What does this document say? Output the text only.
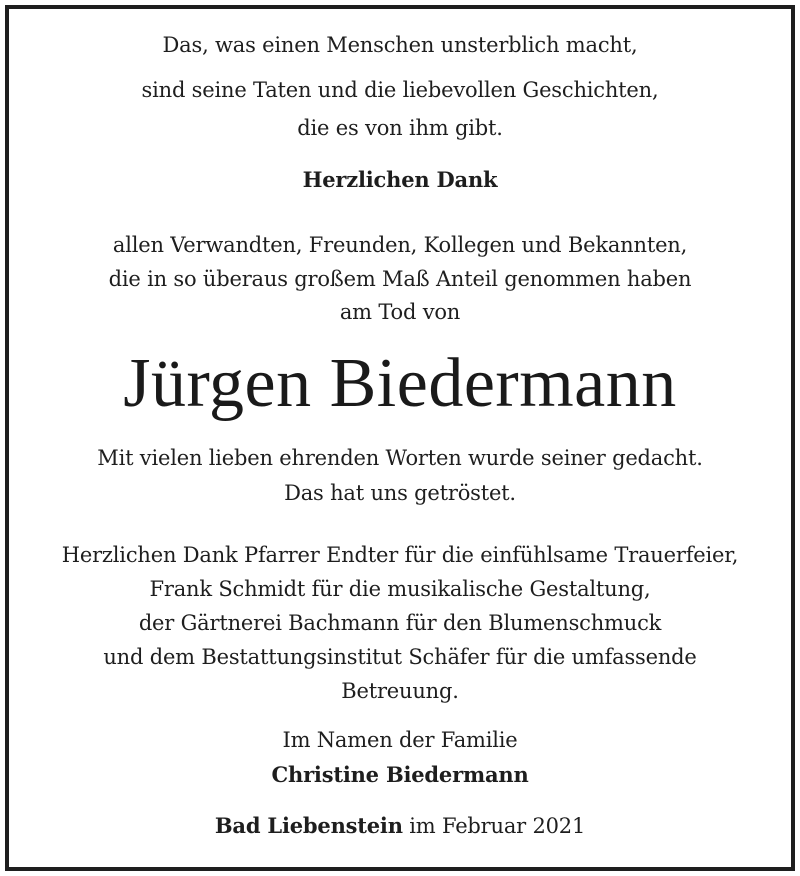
Das, was einen Menschen unsterblich macht,
sind seine Taten und die liebevollen Geschichten,
die es von ihm gibt.
Herzlichen Dank
allen Verwandten, Freunden, Kollegen und Bekannten,
die in so überaus großem Maß Anteil genommen haben
am Tod von
Jürgen Biedermann
Mit vielen lieben ehrenden Worten wurde seiner gedacht.
Das hat uns getröstet.
Herzlichen Dank Pfarrer Endter für die einfühlsame Trauerfeier,
Frank Schmidt für die musikalische Gestaltung,
der Gärtnerei Bachmann für den Blumenschmuck
und dem Bestattungsinstitut Schäfer für die umfassende
Betreuung.
Im Namen der Familie
Christine Biedermann
Bad Liebenstein im Februar 2021
